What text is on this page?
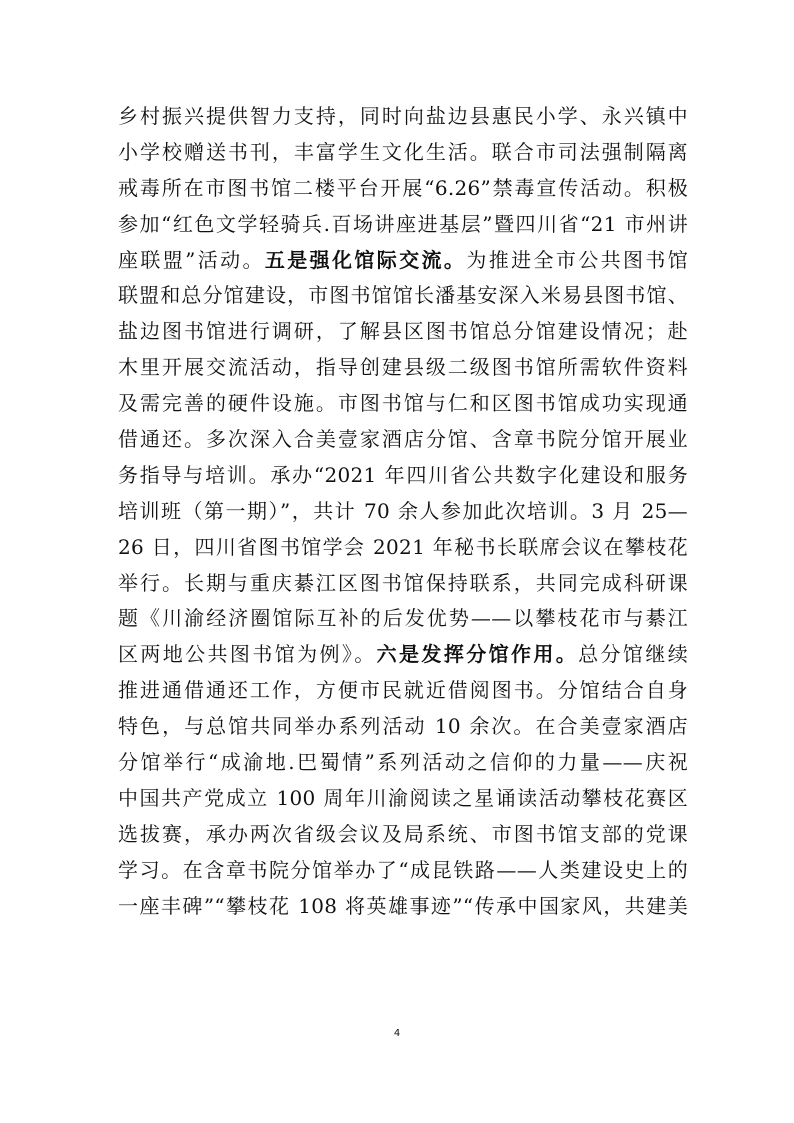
乡村振兴提供智力支持，同时向盐边县惠民小学、永兴镇中
小学校赠送书刊，丰富学生文化生活。联合市司法强制隔离
戒毒所在市图书馆二楼平台开展“6.26”禁毒宣传活动。积极
参加“红色文学轻骑兵.百场讲座进基层”暨四川省“21 市州讲
座联盟”活动。五是强化馆际交流。为推进全市公共图书馆
联盟和总分馆建设，市图书馆馆长潘基安深入米易县图书馆、
盐边图书馆进行调研，了解县区图书馆总分馆建设情况；赴
木里开展交流活动，指导创建县级二级图书馆所需软件资料
及需完善的硬件设施。市图书馆与仁和区图书馆成功实现通
借通还。多次深入合美壹家酒店分馆、含章书院分馆开展业
务指导与培训。承办“2021 年四川省公共数字化建设和服务
培训班（第一期）”，共计 70 余人参加此次培训。3 月 25—
26 日，四川省图书馆学会 2021 年秘书长联席会议在攀枝花
举行。长期与重庆綦江区图书馆保持联系，共同完成科研课
题《川渝经济圈馆际互补的后发优势——以攀枝花市与綦江
区两地公共图书馆为例》。六是发挥分馆作用。总分馆继续
推进通借通还工作，方便市民就近借阅图书。分馆结合自身
特色，与总馆共同举办系列活动 10 余次。在合美壹家酒店
分馆举行“成渝地.巴蜀情”系列活动之信仰的力量——庆祝
中国共产党成立 100 周年川渝阅读之星诵读活动攀枝花赛区
选拔赛，承办两次省级会议及局系统、市图书馆支部的党课
学习。在含章书院分馆举办了“成昆铁路——人类建设史上的
一座丰碑”“攀枝花 108 将英雄事迹”“传承中国家风，共建美
4
